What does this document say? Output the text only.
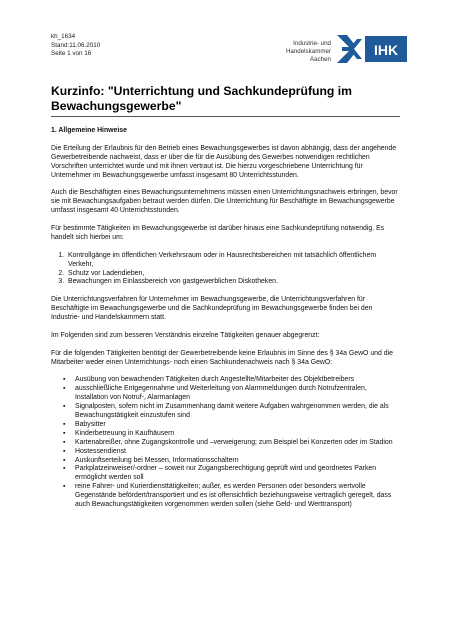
kh_1634
Stand:11.06.2010
Seite 1 von 16
Industrie- und Handelskammer
Aachen
IHK
Kurzinfo: "Unterrichtung und Sachkundeprüfung im Bewachungsgewerbe"
1. Allgemeine Hinweise

Die Erteilung der Erlaubnis für den Betrieb eines Bewachungsgewerbes ist davon abhängig, dass der angehende Gewerbetreibende nachweist, dass er über die für die Ausübung des Gewerbes notwendigen rechtlichen Vorschriften unterrichtet wurde und mit ihnen vertraut ist. Die hierzu vorgeschriebene Unterrichtung für Unternehmer im Bewachungsgewerbe umfasst insgesamt 80 Unterrichtsstunden.

Auch die Beschäftigten eines Bewachungsunternehmens müssen einen Unterrichtungsnachweis erbringen, bevor sie mit Bewachungsaufgaben betraut werden dürfen. Die Unterrichtung für Beschäftigte im Bewachungsgewerbe umfasst insgesamt 40 Unterrichtsstunden.

Für bestimmte Tätigkeiten im Bewachungsgewerbe ist darüber hinaus eine Sachkundeprüfung notwendig. Es handelt sich hierbei um:

1. Kontrollgänge im öffentlichen Verkehrsraum oder in Hausrechtsbereichen mit tatsächlich öffentlichem Verkehr,
2. Schutz vor Ladendieben,
3. Bewachungen im Einlassbereich von gastgewerblichen Diskotheken.

Die Unterrichtungsverfahren für Unternehmer im Bewachungsgewerbe, die Unterrichtungsverfahren für Beschäftigte im Bewachungsgewerbe und die Sachkundeprüfung im Bewachungsgewerbe finden bei den Industrie- und Handelskammern statt.

Im Folgenden sind zum besseren Verständnis einzelne Tätigkeiten genauer abgegrenzt:

Für die folgenden Tätigkeiten benötigt der Gewerbetreibende keine Erlaubnis im Sinne des § 34a GewO und die Mitarbeiter weder einen Unterrichtungs- noch einen Sachkundenachweis nach § 34a GewO:

▪ Ausübung von bewachenden Tätigkeiten durch Angestellte/Mitarbeiter des Objektbetreibers
▪ ausschließliche Entgegennahme und Weiterleitung von Alarmmeldungen durch Notrufzentralen, Installation von Notruf-, Alarmanlagen
▪ Signalposten, sofern nicht im Zusammenhang damit weitere Aufgaben wahrgenommen werden, die als Bewachungstätigkeit einzustufen sind
▪ Babysitter
▪ Kinderbetreuung in Kaufhäusern
▪ Kartenabreißer, ohne Zugangskontrolle und –verweigerung; zum Beispiel bei Konzerten oder im Stadion
▪ Hostessendienst
▪ Auskunftserteilung bei Messen, Informationsschaltern
▪ Parkplatzeinweiser/-ordner – soweit nur Zugangsberechtigung geprüft wird und geordnetes Parken ermöglicht werden soll
▪ reine Fahrer- und Kurierdiensttätigkeiten; außer, es werden Personen oder besonders wertvolle Gegenstände befördert/transportiert und es ist offensichtlich beziehungsweise vertraglich geregelt, dass auch Bewachungstätigkeiten vorgenommen werden sollen (siehe Geld- und Werttransport)
